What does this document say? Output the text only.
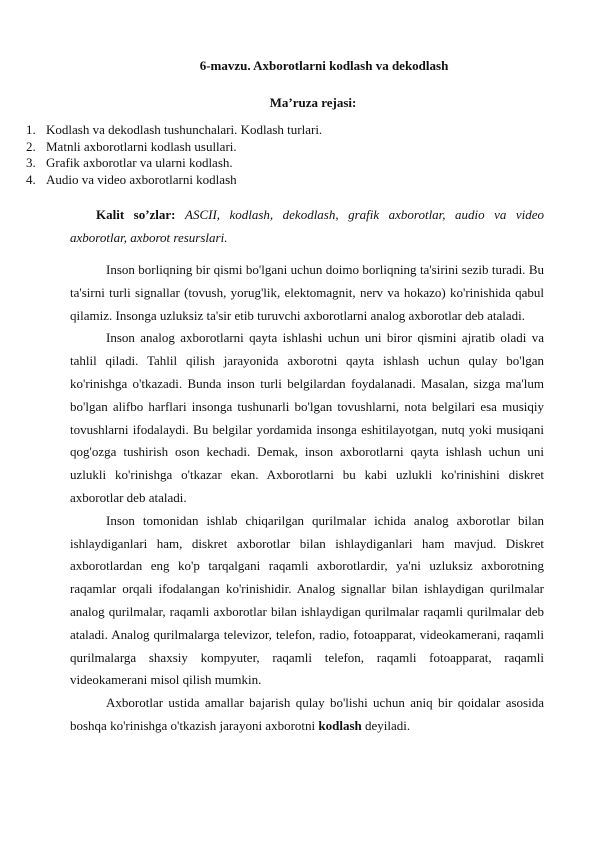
6-mavzu. Axborotlarni kodlash va dekodlash
Ma’ruza rejasi:
1. Kodlash va dekodlash tushunchalari. Kodlash turlari.
2. Matnli axborotlarni kodlash usullari.
3. Grafik axborotlar va ularni kodlash.
4. Audio va video axborotlarni kodlash

Kalit so’zlar: ASCII, kodlash, dekodlash, grafik axborotlar, audio va video axborotlar, axborot resurslari.

Inson borliqning bir qismi bo'lgani uchun doimo borliqning ta'sirini sezib turadi. Bu ta'sirni turli signallar (tovush, yorug'lik, elektomagnit, nerv va hokazo) ko'rinishida qabul qilamiz. Insonga uzluksiz ta'sir etib turuvchi axborotlarni analog axborotlar deb ataladi.

Inson analog axborotlarni qayta ishlashi uchun uni biror qismini ajratib oladi va tahlil qiladi. Tahlil qilish jarayonida axborotni qayta ishlash uchun qulay bo'lgan ko'rinishga o'tkazadi. Bunda inson turli belgilardan foydalanadi. Masalan, sizga ma'lum bo'lgan alifbo harflari insonga tushunarli bo'lgan tovushlarni, nota belgilari esa musiqiy tovushlarni ifodalaydi. Bu belgilar yordamida insonga eshitilayotgan, nutq yoki musiqani qog'ozga tushirish oson kechadi. Demak, inson axborotlarni qayta ishlash uchun uni uzlukli ko'rinishga o'tkazar ekan. Axborotlarni bu kabi uzlukli ko'rinishini diskret axborotlar deb ataladi.

Inson tomonidan ishlab chiqarilgan qurilmalar ichida analog axborotlar bilan ishlaydiganlari ham, diskret axborotlar bilan ishlaydiganlari ham mavjud. Diskret axborotlardan eng ko'p tarqalgani raqamli axborotlardir, ya'ni uzluksiz axborotning raqamlar orqali ifodalangan ko'rinishidir. Analog signallar bilan ishlaydigan qurilmalar analog qurilmalar, raqamli axborotlar bilan ishlaydigan qurilmalar raqamli qurilmalar deb ataladi. Analog qurilmalarga televizor, telefon, radio, fotoapparat, videokamerani, raqamli qurilmalarga shaxsiy kompyuter, raqamli telefon, raqamli fotoapparat, raqamli videokamerani misol qilish mumkin.

Axborotlar ustida amallar bajarish qulay bo'lishi uchun aniq bir qoidalar asosida boshqa ko'rinishga o'tkazish jarayoni axborotni kodlash deyiladi.
